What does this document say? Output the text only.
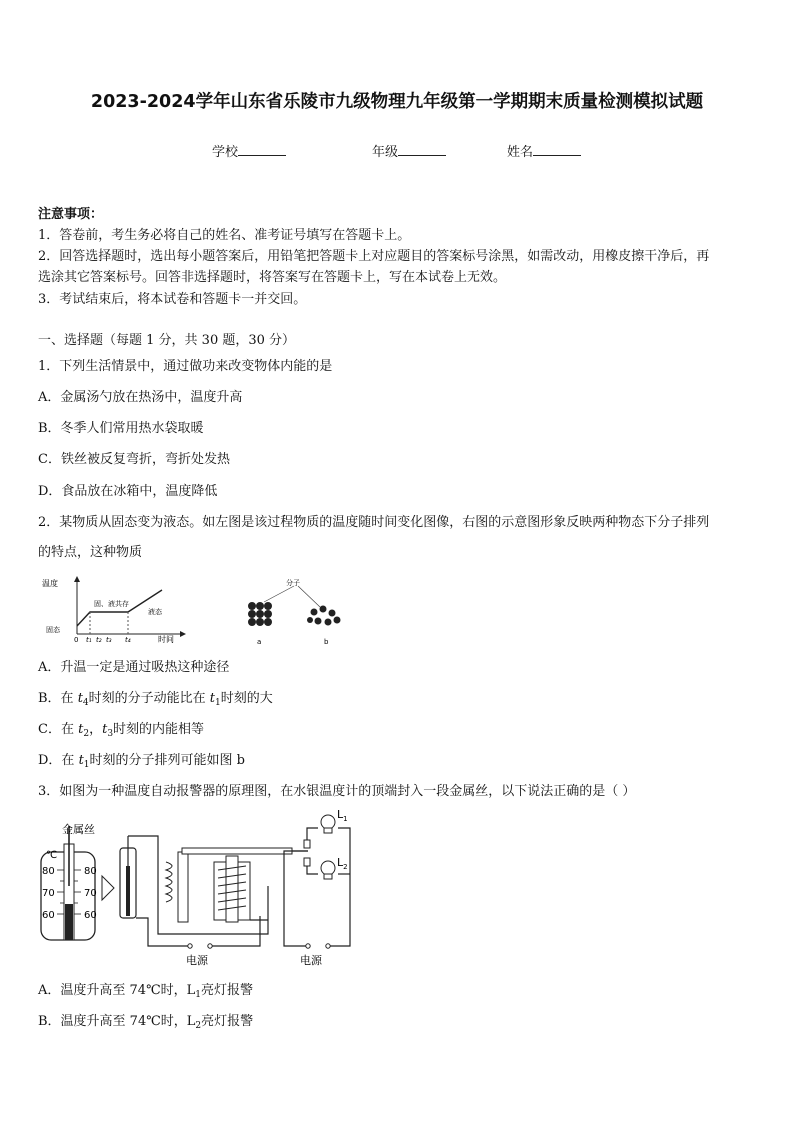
2023-2024学年山东省乐陵市九级物理九年级第一学期期末质量检测模拟试题
学校	年级	姓名
注意事项：
1．答卷前，考生务必将自己的姓名、准考证号填写在答题卡上。
2．回答选择题时，选出每小题答案后，用铅笔把答题卡上对应题目的答案标号涂黑，如需改动，用橡皮擦干净后，再
选涂其它答案标号。回答非选择题时，将答案写在答题卡上，写在本试卷上无效。
3．考试结束后，将本试卷和答题卡一并交回。
一、选择题（每题 1 分，共 30 题，30 分）
1．下列生活情景中，通过做功来改变物体内能的是
A．金属汤勺放在热汤中，温度升高
B．冬季人们常用热水袋取暖
C．铁丝被反复弯折，弯折处发热
D．食品放在冰箱中，温度降低
2．某物质从固态变为液态。如左图是该过程物质的温度随时间变化图像，右图的示意图形象反映两种物态下分子排列
的特点，这种物质
温度
时间
固态
固、液共存
液态
0 t₁ t₂ t₃ t₄
分子
a	b
A．升温一定是通过吸热这种途径
B．在 $t_4$时刻的分子动能比在 $t_1$时刻的大
C．在 $t_2$，$t_3$时刻的内能相等
D．在 $t_1$时刻的分子排列可能如图 b
3．如图为一种温度自动报警器的原理图，在水银温度计的顶端封入一段金属丝，以下说法正确的是（ ）
金属丝
℃
80
70
60
80
70
60
电源	电源
$L_1$
$L_2$
A．温度升高至 74℃时，$L_1$亮灯报警
B．温度升高至 74℃时，$L_2$亮灯报警
